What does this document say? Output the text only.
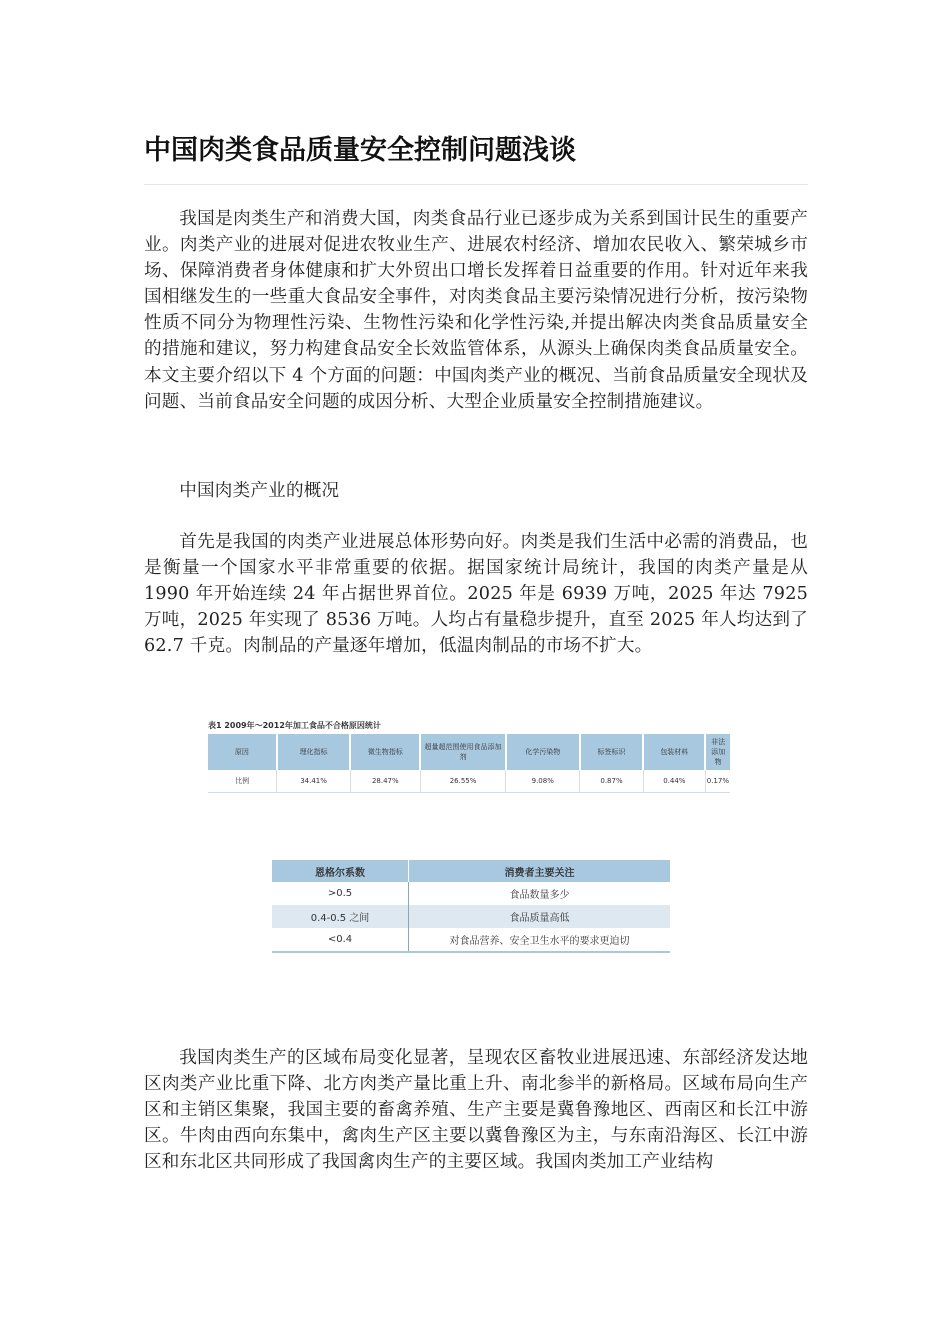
中国肉类食品质量安全控制问题浅谈

我国是肉类生产和消费大国，肉类食品行业已逐步成为关系到国计民生的重要产业。肉类产业的进展对促进农牧业生产、进展农村经济、增加农民收入、繁荣城乡市场、保障消费者身体健康和扩大外贸出口增长发挥着日益重要的作用。针对近年来我国相继发生的一些重大食品安全事件，对肉类食品主要污染情况进行分析，按污染物性质不同分为物理性污染、生物性污染和化学性污染,并提出解决肉类食品质量安全的措施和建议，努力构建食品安全长效监管体系，从源头上确保肉类食品质量安全。本文主要介绍以下 4 个方面的问题：中国肉类产业的概况、当前食品质量安全现状及问题、当前食品安全问题的成因分析、大型企业质量安全控制措施建议。

中国肉类产业的概况

首先是我国的肉类产业进展总体形势向好。肉类是我们生活中必需的消费品，也是衡量一个国家水平非常重要的依据。据国家统计局统计，我国的肉类产量是从1990 年开始连续 24 年占据世界首位。2025 年是 6939 万吨，2025 年达 7925 万吨，2025 年实现了 8536 万吨。人均占有量稳步提升，直至 2025 年人均达到了 62.7 千克。肉制品的产量逐年增加，低温肉制品的市场不扩大。

表1 2009年～2012年加工食品不合格原因统计
原因	理化指标	微生物指标	超量超范围使用食品添加剂	化学污染物	标签标识	包装材料	非法添加物
比例	34.41%	28.47%	26.55%	9.08%	0.87%	0.44%	0.17%
恩格尔系数	消费者主要关注
>0.5	食品数量多少
0.4-0.5 之间	食品质量高低
<0.4	对食品营养、安全卫生水平的要求更迫切

我国肉类生产的区域布局变化显著，呈现农区畜牧业进展迅速、东部经济发达地区肉类产业比重下降、北方肉类产量比重上升、南北参半的新格局。区域布局向生产区和主销区集聚，我国主要的畜禽养殖、生产主要是冀鲁豫地区、西南区和长江中游区。牛肉由西向东集中，禽肉生产区主要以冀鲁豫区为主，与东南沿海区、长江中游区和东北区共同形成了我国禽肉生产的主要区域。我国肉类加工产业结构
